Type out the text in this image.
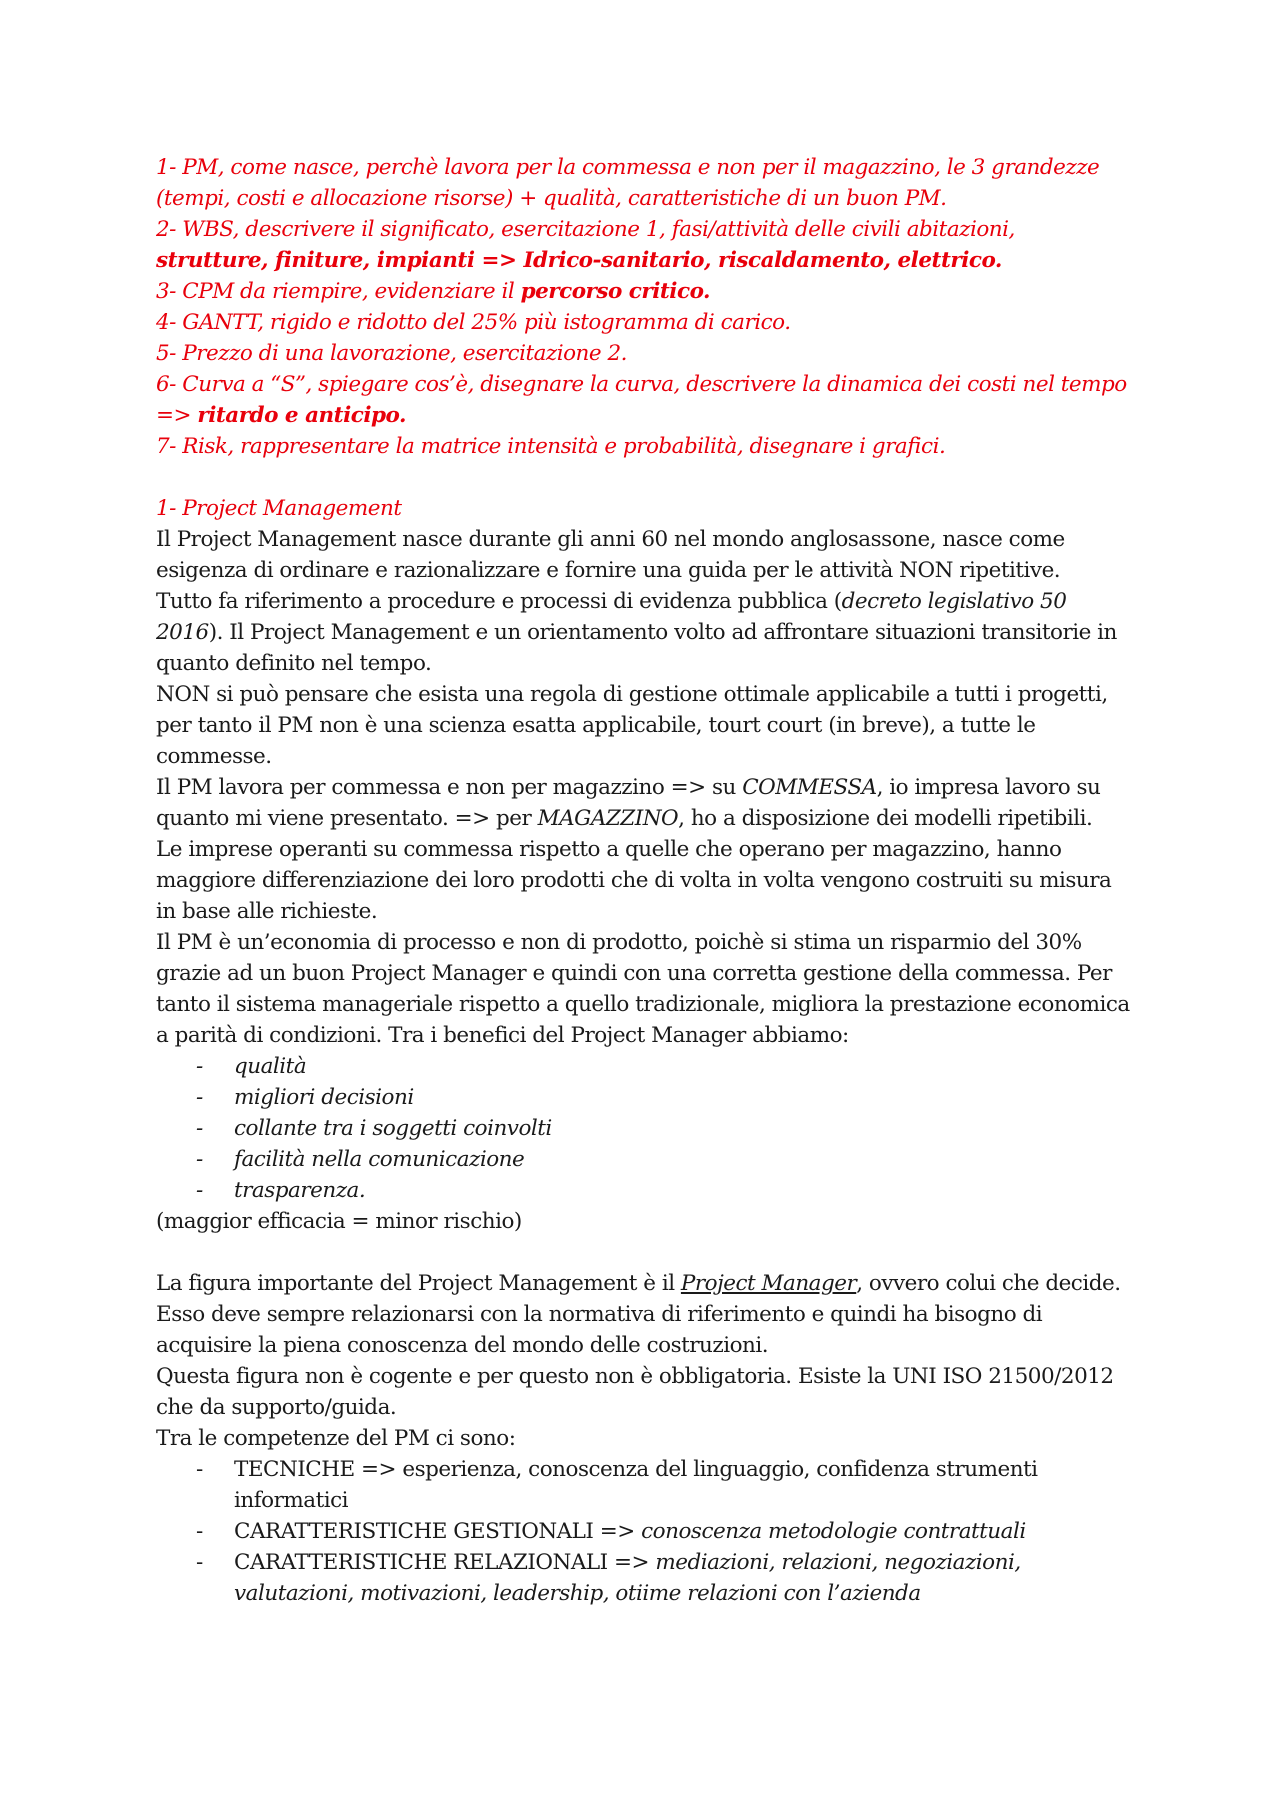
1- PM, come nasce, perchè lavora per la commessa e non per il magazzino, le 3 grandezze (tempi, costi e allocazione risorse) + qualità, caratteristiche di un buon PM.

2- WBS, descrivere il significato, esercitazione 1, fasi/attività delle civili abitazioni,
strutture, finiture, impianti => Idrico-sanitario, riscaldamento, elettrico.

3- CPM da riempire, evidenziare il percorso critico.

4- GANTT, rigido e ridotto del 25% più istogramma di carico.

5- Prezzo di una lavorazione, esercitazione 2.

6- Curva a “S”, spiegare cos’è, disegnare la curva, descrivere la dinamica dei costi nel tempo => ritardo e anticipo.

7- Risk, rappresentare la matrice intensità e probabilità, disegnare i grafici.

1- Project Management

Il Project Management nasce durante gli anni 60 nel mondo anglosassone, nasce come esigenza di ordinare e razionalizzare e fornire una guida per le attività NON ripetitive.

Tutto fa riferimento a procedure e processi di evidenza pubblica (decreto legislativo 50 2016). Il Project Management e un orientamento volto ad affrontare situazioni transitorie in quanto definito nel tempo.

NON si può pensare che esista una regola di gestione ottimale applicabile a tutti i progetti, per tanto il PM non è una scienza esatta applicabile, tourt court (in breve), a tutte le commesse.

Il PM lavora per commessa e non per magazzino => su COMMESSA, io impresa lavoro su quanto mi viene presentato. => per MAGAZZINO, ho a disposizione dei modelli ripetibili.

Le imprese operanti su commessa rispetto a quelle che operano per magazzino, hanno maggiore differenziazione dei loro prodotti che di volta in volta vengono costruiti su misura in base alle richieste.

Il PM è un’economia di processo e non di prodotto, poichè si stima un risparmio del 30% grazie ad un buon Project Manager e quindi con una corretta gestione della commessa. Per tanto il sistema manageriale rispetto a quello tradizionale, migliora la prestazione economica a parità di condizioni. Tra i benefici del Project Manager abbiamo:

- qualità
- migliori decisioni
- collante tra i soggetti coinvolti
- facilità nella comunicazione
- trasparenza.

(maggior efficacia = minor rischio)

La figura importante del Project Management è il Project Manager, ovvero colui che decide. Esso deve sempre relazionarsi con la normativa di riferimento e quindi ha bisogno di acquisire la piena conoscenza del mondo delle costruzioni.

Questa figura non è cogente e per questo non è obbligatoria. Esiste la UNI ISO 21500/2012 che da supporto/guida.

Tra le competenze del PM ci sono:

- TECNICHE => esperienza, conoscenza del linguaggio, confidenza strumenti informatici
- CARATTERISTICHE GESTIONALI => conoscenza metodologie contrattuali
- CARATTERISTICHE RELAZIONALI => mediazioni, relazioni, negoziazioni, valutazioni, motivazioni, leadership, otiime relazioni con l’azienda
